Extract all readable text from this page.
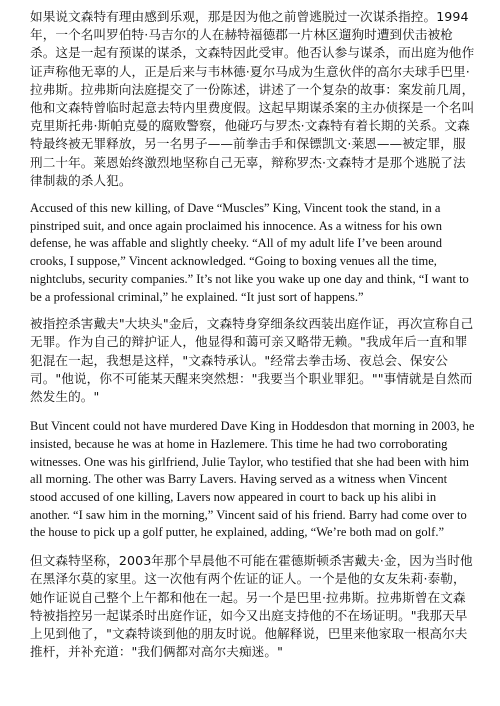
如果说文森特有理由感到乐观，那是因为他之前曾逃脱过一次谋杀指控。1994年，一个名叫罗伯特·马吉尔的人在赫特福德郡一片林区遛狗时遭到伏击被枪杀。这是一起有预谋的谋杀，文森特因此受审。他否认参与谋杀，而出庭为他作证声称他无辜的人，正是后来与韦林德·夏尔马成为生意伙伴的高尔夫球手巴里·拉弗斯。拉弗斯向法庭提交了一份陈述，讲述了一个复杂的故事：案发前几周，他和文森特曾临时起意去特内里费度假。这起早期谋杀案的主办侦探是一个名叫克里斯托弗·斯帕克曼的腐败警察，他碰巧与罗杰·文森特有着长期的关系。文森特最终被无罪释放，另一名男子——前拳击手和保镖凯文·莱恩——被定罪，服刑二十年。莱恩始终激烈地坚称自己无辜，辩称罗杰·文森特才是那个逃脱了法律制裁的杀人犯。

Accused of this new killing, of Dave “Muscles” King, Vincent took the stand, in a pinstriped suit, and once again proclaimed his innocence. As a witness for his own defense, he was affable and slightly cheeky. “All of my adult life I’ve been around crooks, I suppose,” Vincent acknowledged. “Going to boxing venues all the time, nightclubs, security companies.” It’s not like you wake up one day and think, “I want to be a professional criminal,” he explained. “It just sort of happens.”

被指控杀害戴夫"大块头"金后，文森特身穿细条纹西装出庭作证，再次宣称自己无罪。作为自己的辩护证人，他显得和蔼可亲又略带无赖。"我成年后一直和罪犯混在一起，我想是这样，"文森特承认。"经常去拳击场、夜总会、保安公司。"他说，你不可能某天醒来突然想："我要当个职业罪犯。""事情就是自然而然发生的。"

But Vincent could not have murdered Dave King in Hoddesdon that morning in 2003, he insisted, because he was at home in Hazlemere. This time he had two corroborating witnesses. One was his girlfriend, Julie Taylor, who testified that she had been with him all morning. The other was Barry Lavers. Having served as a witness when Vincent stood accused of one killing, Lavers now appeared in court to back up his alibi in another. “I saw him in the morning,” Vincent said of his friend. Barry had come over to the house to pick up a golf putter, he explained, adding, “We’re both mad on golf.”

但文森特坚称，2003年那个早晨他不可能在霍德斯顿杀害戴夫·金，因为当时他在黑泽尔莫的家里。这一次他有两个佐证的证人。一个是他的女友朱莉·泰勒，她作证说自己整个上午都和他在一起。另一个是巴里·拉弗斯。拉弗斯曾在文森特被指控另一起谋杀时出庭作证，如今又出庭支持他的不在场证明。"我那天早上见到他了，"文森特谈到他的朋友时说。他解释说，巴里来他家取一根高尔夫推杆，并补充道："我们俩都对高尔夫痴迷。"
